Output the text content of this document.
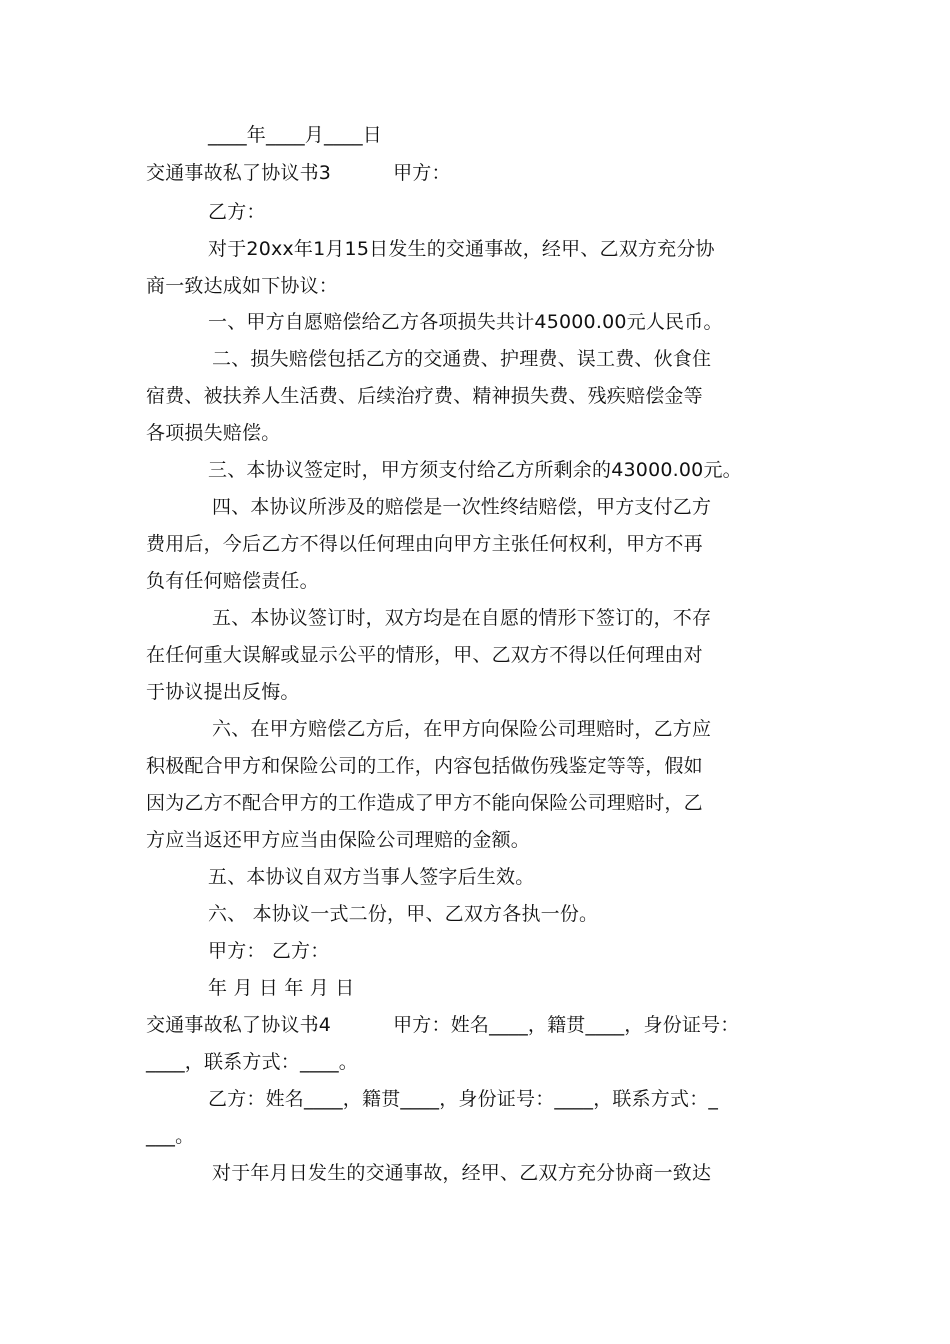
____年____月____日
交通事故私了协议书3	甲方：
乙方：
对于20xx年1月15日发生的交通事故，经甲、乙双方充分协
商一致达成如下协议：
一、甲方自愿赔偿给乙方各项损失共计45000.00元人民币。
二、损失赔偿包括乙方的交通费、护理费、误工费、伙食住
宿费、被扶养人生活费、后续治疗费、精神损失费、残疾赔偿金等
各项损失赔偿。
三、本协议签定时，甲方须支付给乙方所剩余的43000.00元。
四、本协议所涉及的赔偿是一次性终结赔偿，甲方支付乙方
费用后，今后乙方不得以任何理由向甲方主张任何权利，甲方不再
负有任何赔偿责任。
五、本协议签订时，双方均是在自愿的情形下签订的，不存
在任何重大误解或显示公平的情形，甲、乙双方不得以任何理由对
于协议提出反悔。
六、在甲方赔偿乙方后，在甲方向保险公司理赔时，乙方应
积极配合甲方和保险公司的工作，内容包括做伤残鉴定等等，假如
因为乙方不配合甲方的工作造成了甲方不能向保险公司理赔时，乙
方应当返还甲方应当由保险公司理赔的金额。
五、本协议自双方当事人签字后生效。
六、 本协议一式二份，甲、乙双方各执一份。
甲方： 乙方：
年 月 日 年 月 日
交通事故私了协议书4	甲方：姓名____，籍贯____，身份证号：
____，联系方式：____。
乙方：姓名____，籍贯____，身份证号：____，联系方式：_
___。
对于年月日发生的交通事故，经甲、乙双方充分协商一致达
